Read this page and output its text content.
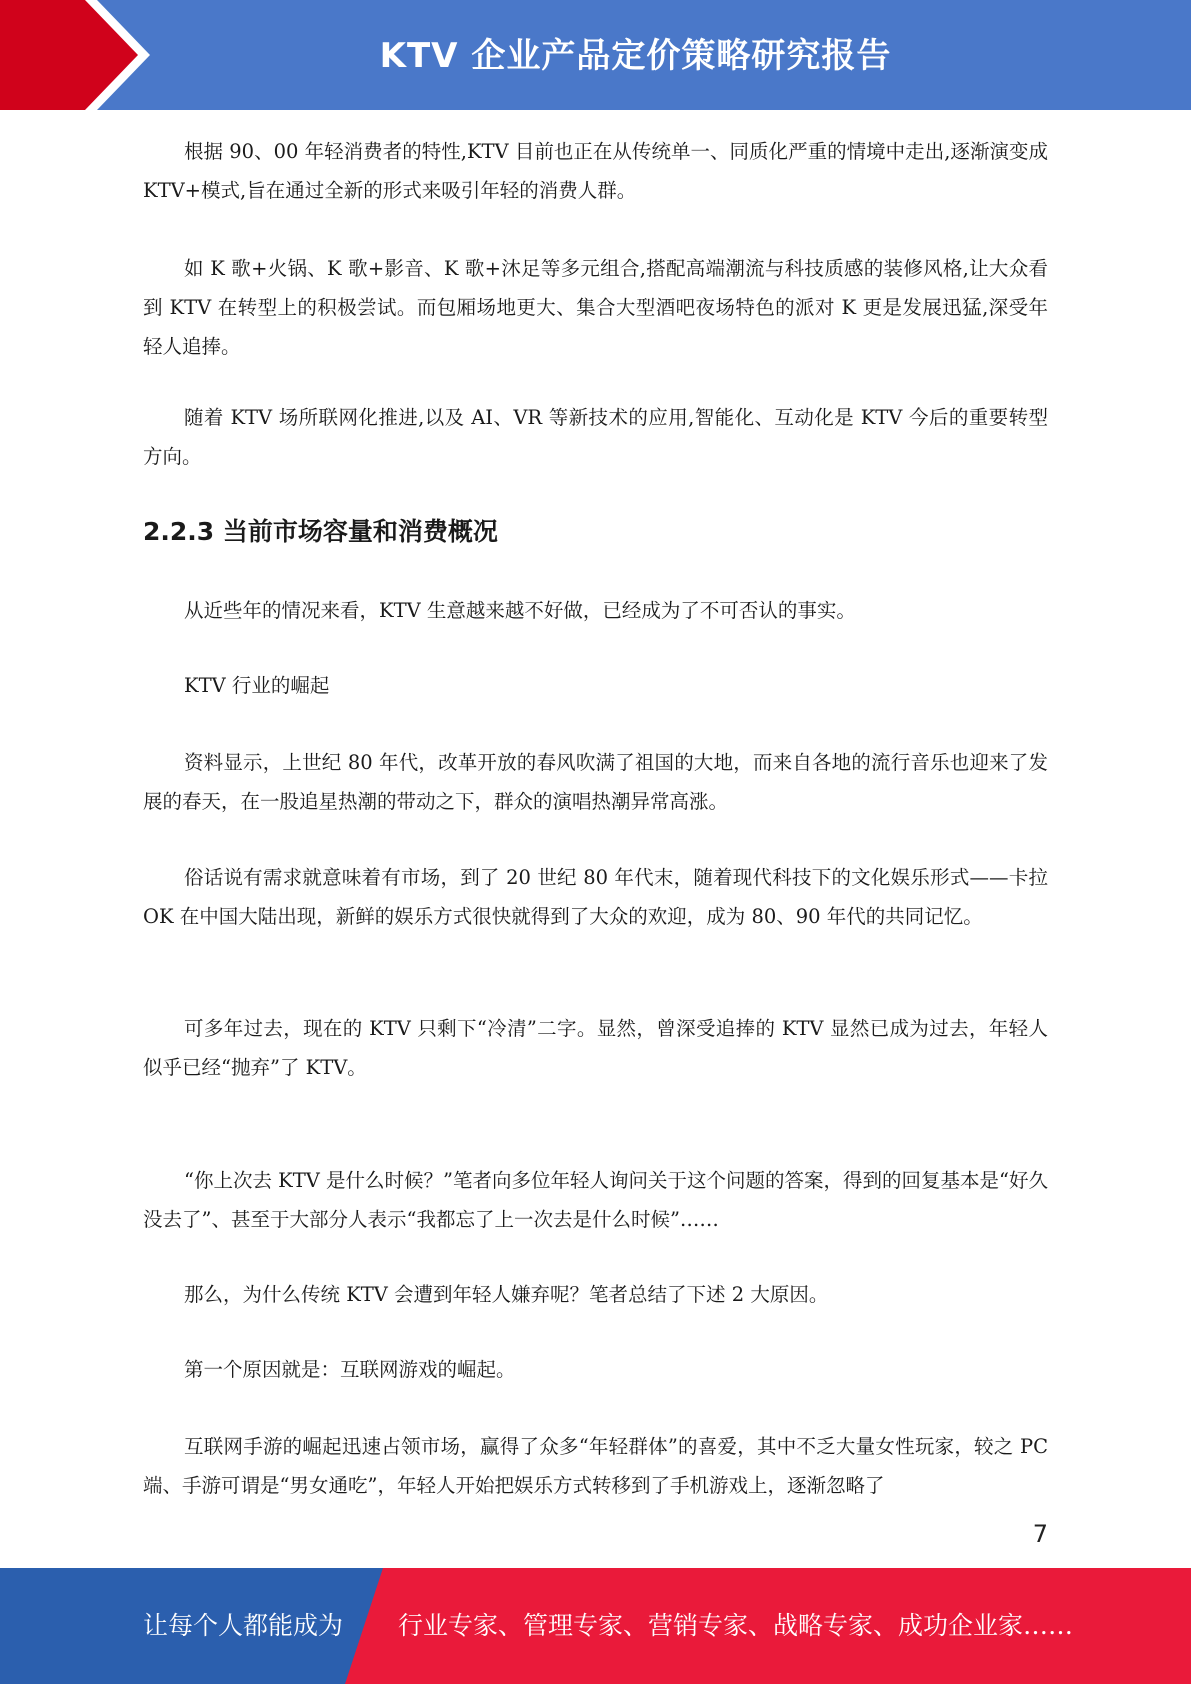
KTV 企业产品定价策略研究报告

根据 90、00 年轻消费者的特性,KTV 目前也正在从传统单一、同质化严重的情境中走出,逐渐演变成 KTV+模式,旨在通过全新的形式来吸引年轻的消费人群。

如 K 歌+火锅、K 歌+影音、K 歌+沐足等多元组合,搭配高端潮流与科技质感的装修风格,让大众看到 KTV 在转型上的积极尝试。而包厢场地更大、集合大型酒吧夜场特色的派对 K 更是发展迅猛,深受年轻人追捧。

随着 KTV 场所联网化推进,以及 AI、VR 等新技术的应用,智能化、互动化是 KTV 今后的重要转型方向。

2.2.3 当前市场容量和消费概况

从近些年的情况来看，KTV 生意越来越不好做，已经成为了不可否认的事实。

KTV 行业的崛起

资料显示，上世纪 80 年代，改革开放的春风吹满了祖国的大地，而来自各地的流行音乐也迎来了发展的春天，在一股追星热潮的带动之下，群众的演唱热潮异常高涨。

俗话说有需求就意味着有市场，到了 20 世纪 80 年代末，随着现代科技下的文化娱乐形式——卡拉 OK 在中国大陆出现，新鲜的娱乐方式很快就得到了大众的欢迎，成为 80、90 年代的共同记忆。

可多年过去，现在的 KTV 只剩下“冷清”二字。显然，曾深受追捧的 KTV 显然已成为过去，年轻人似乎已经“抛弃”了 KTV。

“你上次去 KTV 是什么时候？”笔者向多位年轻人询问关于这个问题的答案，得到的回复基本是“好久没去了”、甚至于大部分人表示“我都忘了上一次去是什么时候”……

那么，为什么传统 KTV 会遭到年轻人嫌弃呢？笔者总结了下述 2 大原因。

第一个原因就是：互联网游戏的崛起。

互联网手游的崛起迅速占领市场，赢得了众多“年轻群体”的喜爱，其中不乏大量女性玩家，较之 PC 端、手游可谓是“男女通吃”，年轻人开始把娱乐方式转移到了手机游戏上，逐渐忽略了

7
让每个人都能成为 行业专家、管理专家、营销专家、战略专家、成功企业家……
